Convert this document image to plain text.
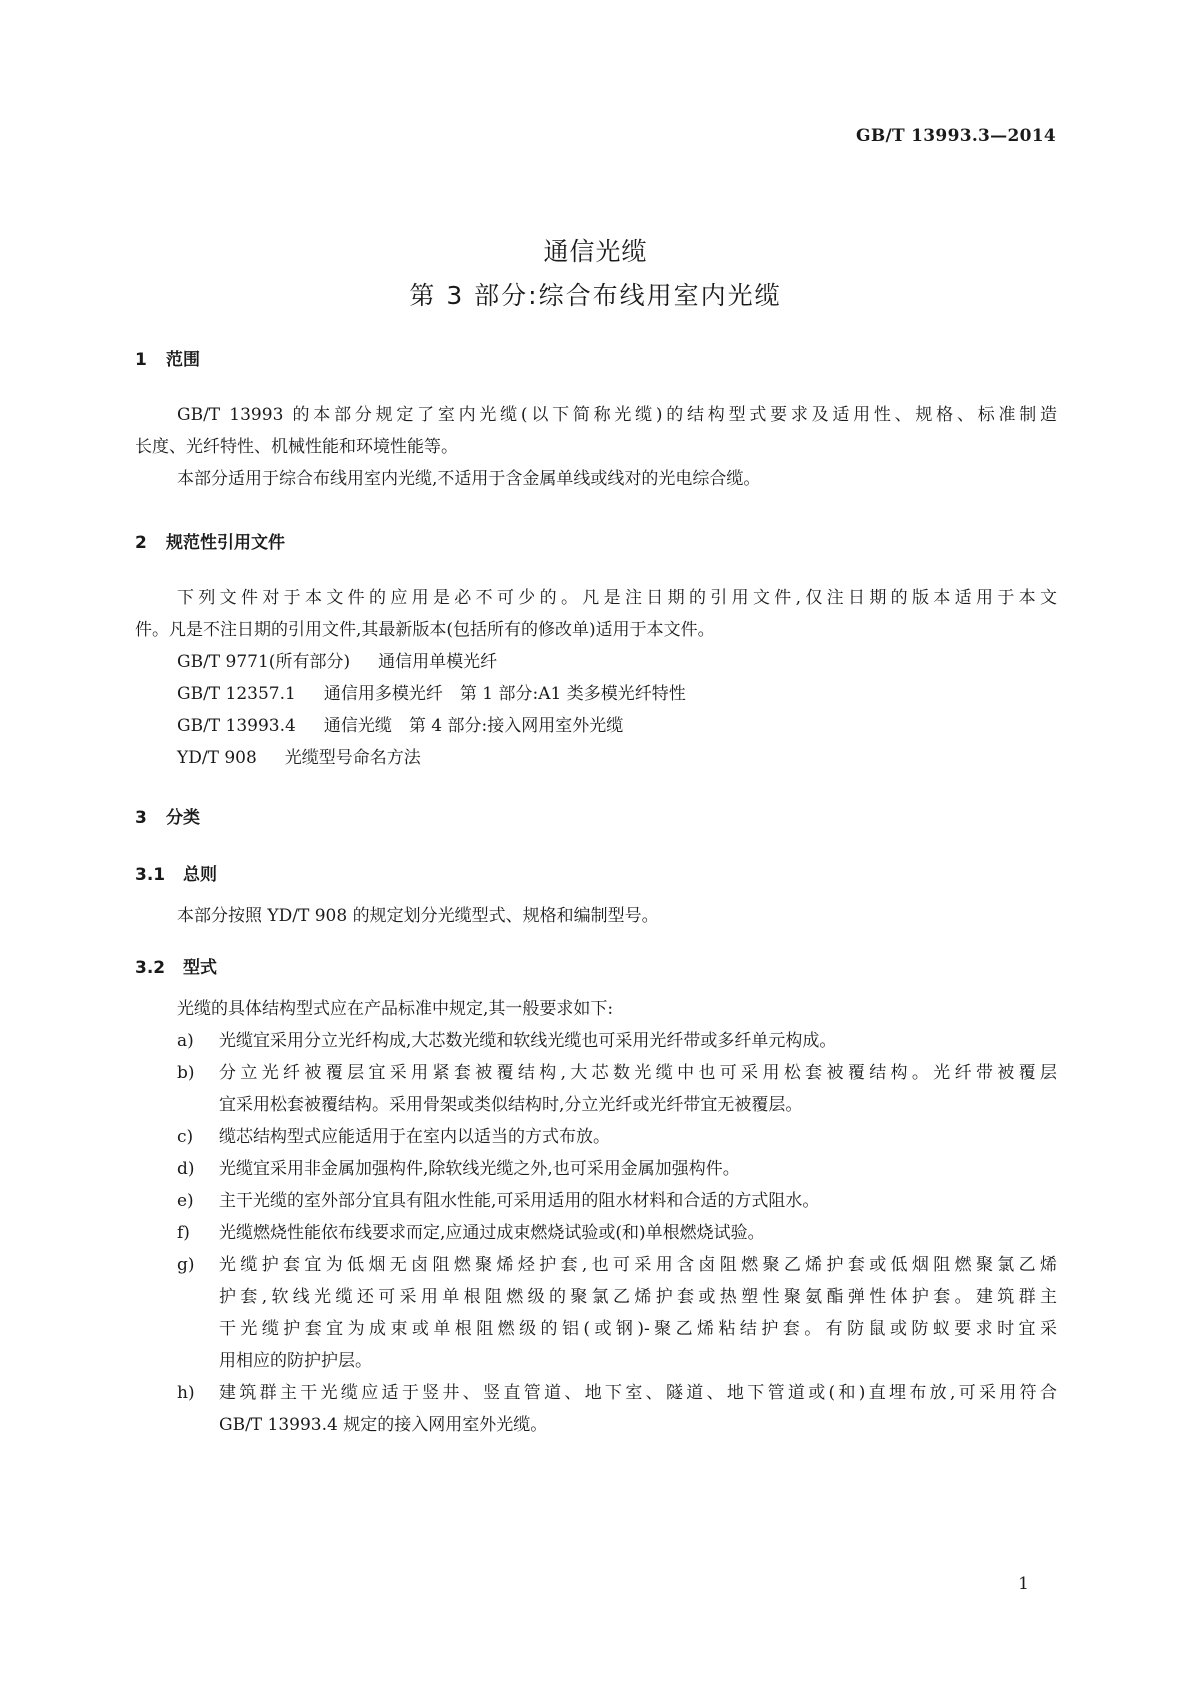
GB/T 13993.3—2014
通信光缆
第 3 部分:综合布线用室内光缆
1 范围
GB/T 13993 的本部分规定了室内光缆(以下简称光缆)的结构型式要求及适用性、规格、标准制造
长度、光纤特性、机械性能和环境性能等。
本部分适用于综合布线用室内光缆,不适用于含金属单线或线对的光电综合缆。
2 规范性引用文件
下列文件对于本文件的应用是必不可少的。凡是注日期的引用文件,仅注日期的版本适用于本文
件。凡是不注日期的引用文件,其最新版本(包括所有的修改单)适用于本文件。
GB/T 9771(所有部分) 通信用单模光纤
GB/T 12357.1 通信用多模光纤　第 1 部分:A1 类多模光纤特性
GB/T 13993.4 通信光缆　第 4 部分:接入网用室外光缆
YD/T 908 光缆型号命名方法
3 分类
3.1 总则
本部分按照 YD/T 908 的规定划分光缆型式、规格和编制型号。
3.2 型式
光缆的具体结构型式应在产品标准中规定,其一般要求如下:
a) 光缆宜采用分立光纤构成,大芯数光缆和软线光缆也可采用光纤带或多纤单元构成。
b) 分立光纤被覆层宜采用紧套被覆结构,大芯数光缆中也可采用松套被覆结构。光纤带被覆层
宜采用松套被覆结构。采用骨架或类似结构时,分立光纤或光纤带宜无被覆层。
c) 缆芯结构型式应能适用于在室内以适当的方式布放。
d) 光缆宜采用非金属加强构件,除软线光缆之外,也可采用金属加强构件。
e) 主干光缆的室外部分宜具有阻水性能,可采用适用的阻水材料和合适的方式阻水。
f) 光缆燃烧性能依布线要求而定,应通过成束燃烧试验或(和)单根燃烧试验。
g) 光缆护套宜为低烟无卤阻燃聚烯烃护套,也可采用含卤阻燃聚乙烯护套或低烟阻燃聚氯乙烯
护套,软线光缆还可采用单根阻燃级的聚氯乙烯护套或热塑性聚氨酯弹性体护套。建筑群主
干光缆护套宜为成束或单根阻燃级的铝(或钢)-聚乙烯粘结护套。有防鼠或防蚁要求时宜采
用相应的防护护层。
h) 建筑群主干光缆应适于竖井、竖直管道、地下室、隧道、地下管道或(和)直埋布放,可采用符合
GB/T 13993.4 规定的接入网用室外光缆。
1
